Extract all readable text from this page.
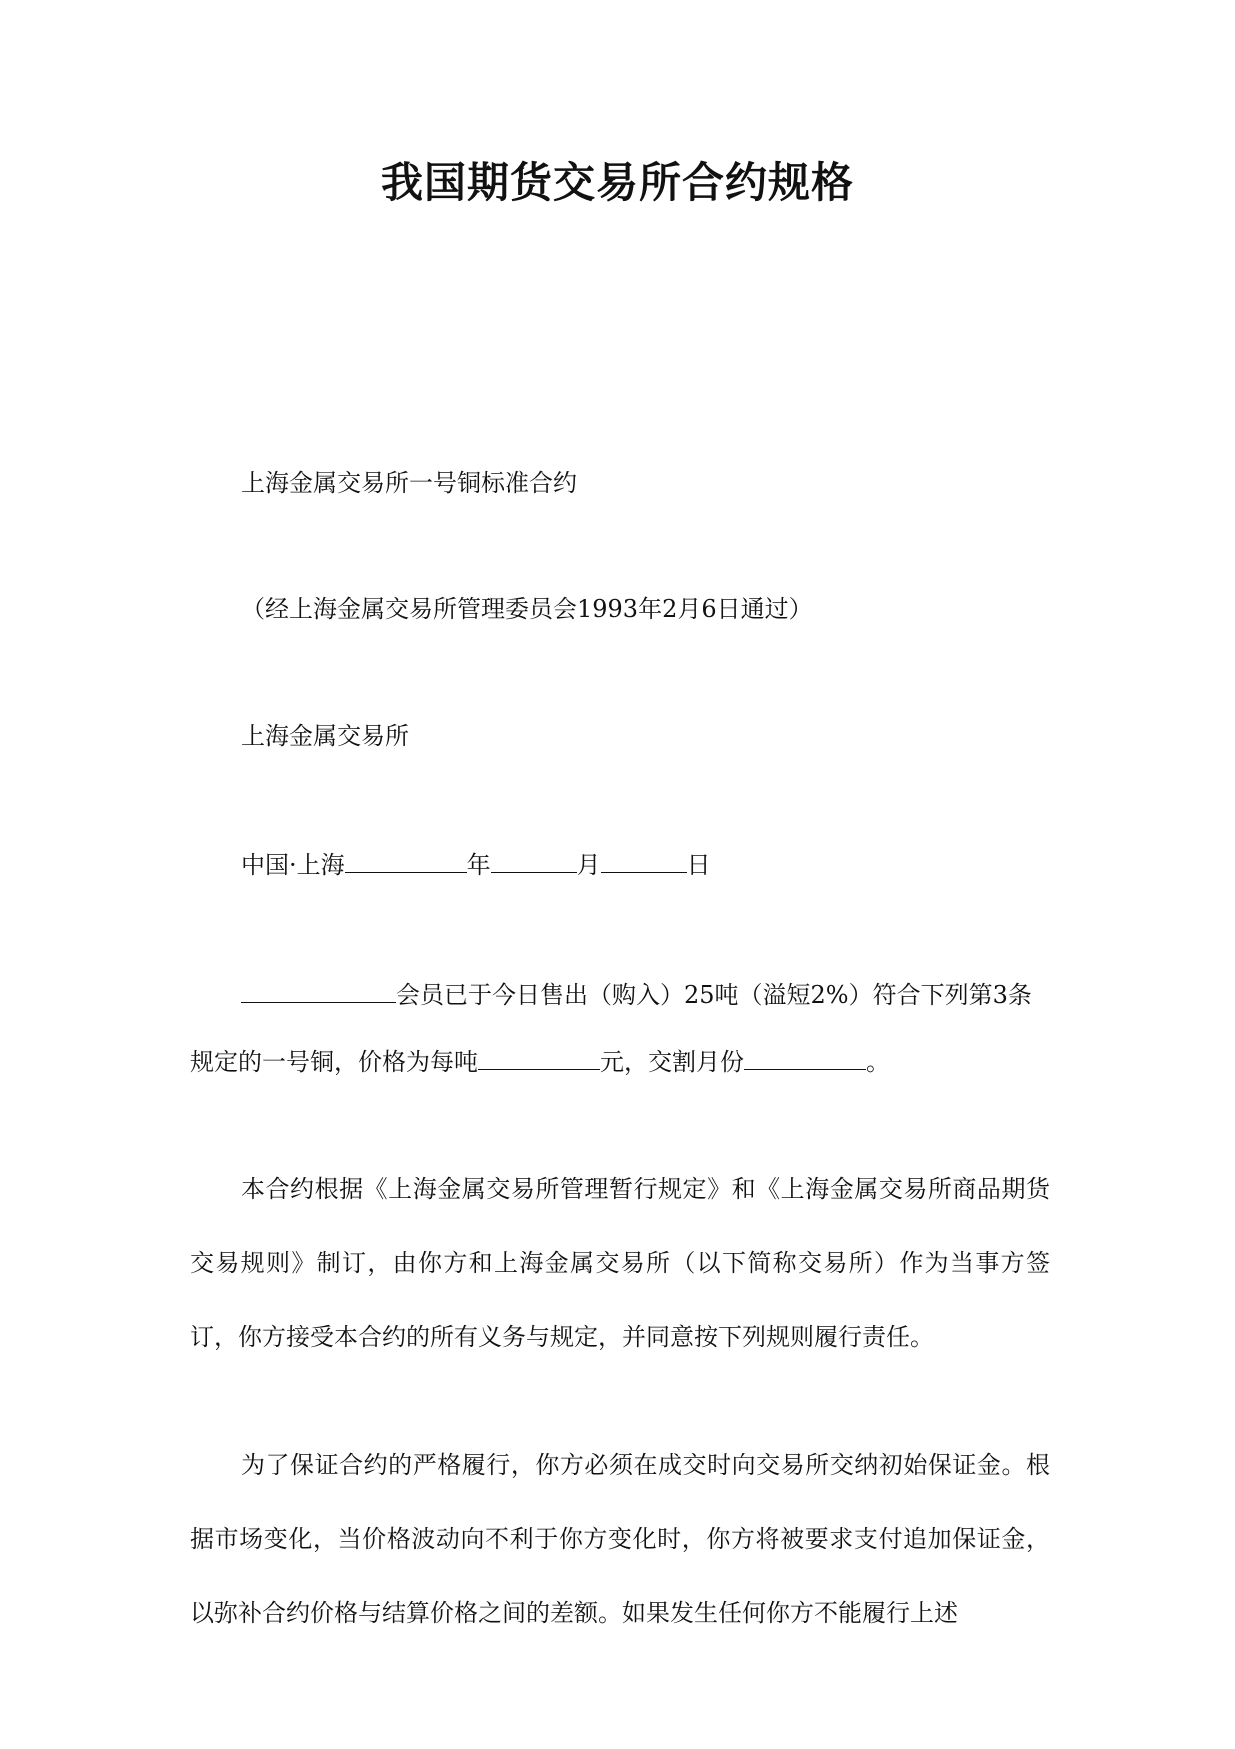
我国期货交易所合约规格
上海金属交易所一号铜标准合约
（经上海金属交易所管理委员会1993年2月6日通过）
上海金属交易所
中国·上海	年	月	日
会员已于今日售出（购入）25吨（溢短2%）符合下列第3条
规定的一号铜，价格为每吨	元，交割月份	。
本合约根据《上海金属交易所管理暂行规定》和《上海金属交易所商品期货交易规则》制订，由你方和上海金属交易所（以下简称交易所）作为当事方签订，你方接受本合约的所有义务与规定，并同意按下列规则履行责任。
为了保证合约的严格履行，你方必须在成交时向交易所交纳初始保证金。根据市场变化，当价格波动向不利于你方变化时，你方将被要求支付追加保证金，以弥补合约价格与结算价格之间的差额。如果发生任何你方不能履行上述
